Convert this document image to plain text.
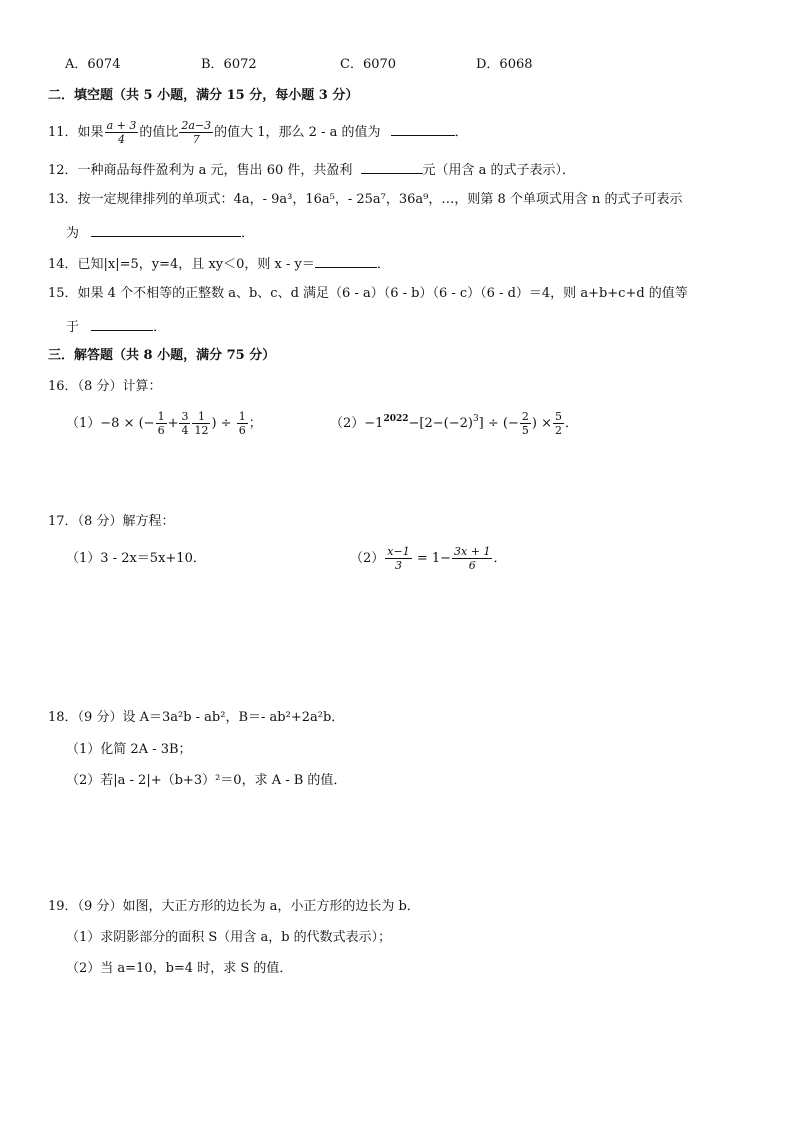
A．6074	B．6072	C．6070	D．6068
二．填空题（共 5 小题，满分 15 分，每小题 3 分）
11．如果 $\frac{a + 3}{4}$ 的值比 $\frac{2a-3}{7}$ 的值大 1，那么 2 - a 的值为	．
12．一种商品每件盈利为 a 元，售出 60 件，共盈利	元（用含 a 的式子表示）．
13．按一定规律排列的单项式：4a，- 9a³，16a⁵，- 25a⁷，36a⁹，…，则第 8 个单项式用含 n 的式子可表示
为	．
14．已知|x|=5，y=4，且 xy＜0，则 x - y＝	．
15．如果 4 个不相等的正整数 a、b、c、d 满足（6 - a）（6 - b）（6 - c）（6 - d）＝4，则 a+b+c+d 的值等
于	．
三．解答题（共 8 小题，满分 75 分）
16．（8 分）计算：
（1）−8 × (− $\frac{1}{6} + \frac{3}{4} \frac{1}{12}$ ) ÷ $\frac{1}{6}$ ；	$(2)-1^{2022}-[2-(-2)^3]$ ÷ (− $\frac{2}{5}$ ) × $\frac{5}{2}$ ．
17．（8 分）解方程：
（1）3 - 2x＝5x+10．	$(2) \frac{x-1}{3} = 1- \frac{3x + 1}{6}$ ．
18．（9 分）设 A＝3a²b - ab²，B＝- ab²+2a²b．
（1）化简 2A - 3B；
（2）若|a - 2|+（b+3）²＝0，求 A - B 的值．
19．（9 分）如图，大正方形的边长为 a，小正方形的边长为 b．
（1）求阴影部分的面积 S（用含 a，b 的代数式表示）；
（2）当 a=10，b=4 时，求 S 的值．
